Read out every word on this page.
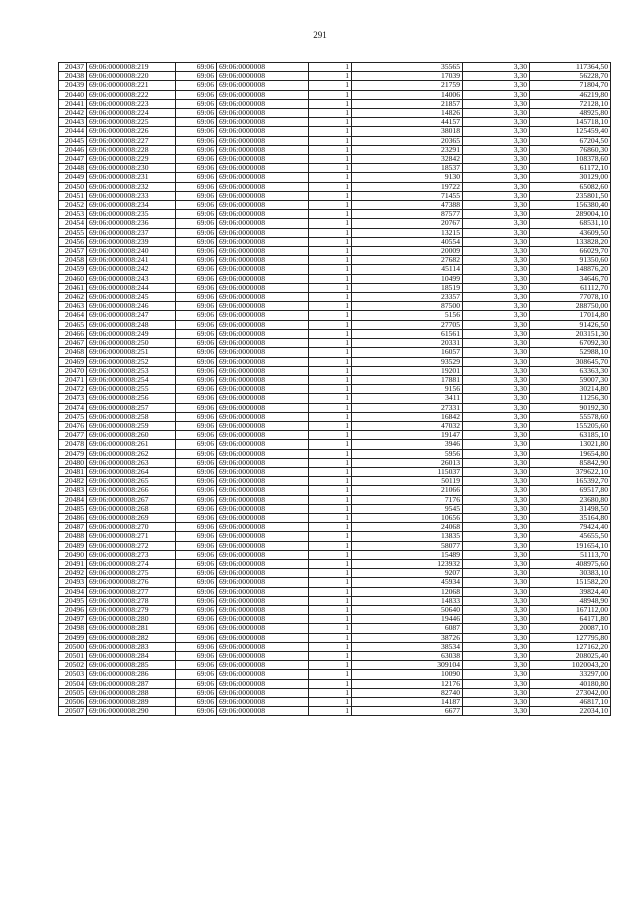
291
20437	69:06:0000008:219	69:06	69:06:0000008	1	35565	3,30	117364,50
20438	69:06:0000008:220	69:06	69:06:0000008	1	17039	3,30	56228,70
20439	69:06:0000008:221	69:06	69:06:0000008	1	21759	3,30	71804,70
20440	69:06:0000008:222	69:06	69:06:0000008	1	14006	3,30	46219,80
20441	69:06:0000008:223	69:06	69:06:0000008	1	21857	3,30	72128,10
20442	69:06:0000008:224	69:06	69:06:0000008	1	14826	3,30	48925,80
20443	69:06:0000008:225	69:06	69:06:0000008	1	44157	3,30	145718,10
20444	69:06:0000008:226	69:06	69:06:0000008	1	38018	3,30	125459,40
20445	69:06:0000008:227	69:06	69:06:0000008	1	20365	3,30	67204,50
20446	69:06:0000008:228	69:06	69:06:0000008	1	23291	3,30	76860,30
20447	69:06:0000008:229	69:06	69:06:0000008	1	32842	3,30	108378,60
20448	69:06:0000008:230	69:06	69:06:0000008	1	18537	3,30	61172,10
20449	69:06:0000008:231	69:06	69:06:0000008	1	9130	3,30	30129,00
20450	69:06:0000008:232	69:06	69:06:0000008	1	19722	3,30	65082,60
20451	69:06:0000008:233	69:06	69:06:0000008	1	71455	3,30	235801,50
20452	69:06:0000008:234	69:06	69:06:0000008	1	47388	3,30	156380,40
20453	69:06:0000008:235	69:06	69:06:0000008	1	87577	3,30	289004,10
20454	69:06:0000008:236	69:06	69:06:0000008	1	20767	3,30	68531,10
20455	69:06:0000008:237	69:06	69:06:0000008	1	13215	3,30	43609,50
20456	69:06:0000008:239	69:06	69:06:0000008	1	40554	3,30	133828,20
20457	69:06:0000008:240	69:06	69:06:0000008	1	20009	3,30	66029,70
20458	69:06:0000008:241	69:06	69:06:0000008	1	27682	3,30	91350,60
20459	69:06:0000008:242	69:06	69:06:0000008	1	45114	3,30	148876,20
20460	69:06:0000008:243	69:06	69:06:0000008	1	10499	3,30	34646,70
20461	69:06:0000008:244	69:06	69:06:0000008	1	18519	3,30	61112,70
20462	69:06:0000008:245	69:06	69:06:0000008	1	23357	3,30	77078,10
20463	69:06:0000008:246	69:06	69:06:0000008	1	87500	3,30	288750,00
20464	69:06:0000008:247	69:06	69:06:0000008	1	5156	3,30	17014,80
20465	69:06:0000008:248	69:06	69:06:0000008	1	27705	3,30	91426,50
20466	69:06:0000008:249	69:06	69:06:0000008	1	61561	3,30	203151,30
20467	69:06:0000008:250	69:06	69:06:0000008	1	20331	3,30	67092,30
20468	69:06:0000008:251	69:06	69:06:0000008	1	16057	3,30	52988,10
20469	69:06:0000008:252	69:06	69:06:0000008	1	93529	3,30	308645,70
20470	69:06:0000008:253	69:06	69:06:0000008	1	19201	3,30	63363,30
20471	69:06:0000008:254	69:06	69:06:0000008	1	17881	3,30	59007,30
20472	69:06:0000008:255	69:06	69:06:0000008	1	9156	3,30	30214,80
20473	69:06:0000008:256	69:06	69:06:0000008	1	3411	3,30	11256,30
20474	69:06:0000008:257	69:06	69:06:0000008	1	27331	3,30	90192,30
20475	69:06:0000008:258	69:06	69:06:0000008	1	16842	3,30	55578,60
20476	69:06:0000008:259	69:06	69:06:0000008	1	47032	3,30	155205,60
20477	69:06:0000008:260	69:06	69:06:0000008	1	19147	3,30	63185,10
20478	69:06:0000008:261	69:06	69:06:0000008	1	3946	3,30	13021,80
20479	69:06:0000008:262	69:06	69:06:0000008	1	5956	3,30	19654,80
20480	69:06:0000008:263	69:06	69:06:0000008	1	26013	3,30	85842,90
20481	69:06:0000008:264	69:06	69:06:0000008	1	115037	3,30	379622,10
20482	69:06:0000008:265	69:06	69:06:0000008	1	50119	3,30	165392,70
20483	69:06:0000008:266	69:06	69:06:0000008	1	21066	3,30	69517,80
20484	69:06:0000008:267	69:06	69:06:0000008	1	7176	3,30	23680,80
20485	69:06:0000008:268	69:06	69:06:0000008	1	9545	3,30	31498,50
20486	69:06:0000008:269	69:06	69:06:0000008	1	10656	3,30	35164,80
20487	69:06:0000008:270	69:06	69:06:0000008	1	24068	3,30	79424,40
20488	69:06:0000008:271	69:06	69:06:0000008	1	13835	3,30	45655,50
20489	69:06:0000008:272	69:06	69:06:0000008	1	58077	3,30	191654,10
20490	69:06:0000008:273	69:06	69:06:0000008	1	15489	3,30	51113,70
20491	69:06:0000008:274	69:06	69:06:0000008	1	123932	3,30	408975,60
20492	69:06:0000008:275	69:06	69:06:0000008	1	9207	3,30	30383,10
20493	69:06:0000008:276	69:06	69:06:0000008	1	45934	3,30	151582,20
20494	69:06:0000008:277	69:06	69:06:0000008	1	12068	3,30	39824,40
20495	69:06:0000008:278	69:06	69:06:0000008	1	14833	3,30	48948,90
20496	69:06:0000008:279	69:06	69:06:0000008	1	50640	3,30	167112,00
20497	69:06:0000008:280	69:06	69:06:0000008	1	19446	3,30	64171,80
20498	69:06:0000008:281	69:06	69:06:0000008	1	6087	3,30	20087,10
20499	69:06:0000008:282	69:06	69:06:0000008	1	38726	3,30	127795,80
20500	69:06:0000008:283	69:06	69:06:0000008	1	38534	3,30	127162,20
20501	69:06:0000008:284	69:06	69:06:0000008	1	63038	3,30	208025,40
20502	69:06:0000008:285	69:06	69:06:0000008	1	309104	3,30	1020043,20
20503	69:06:0000008:286	69:06	69:06:0000008	1	10090	3,30	33297,00
20504	69:06:0000008:287	69:06	69:06:0000008	1	12176	3,30	40180,80
20505	69:06:0000008:288	69:06	69:06:0000008	1	82740	3,30	273042,00
20506	69:06:0000008:289	69:06	69:06:0000008	1	14187	3,30	46817,10
20507	69:06:0000008:290	69:06	69:06:0000008	1	6677	3,30	22034,10
